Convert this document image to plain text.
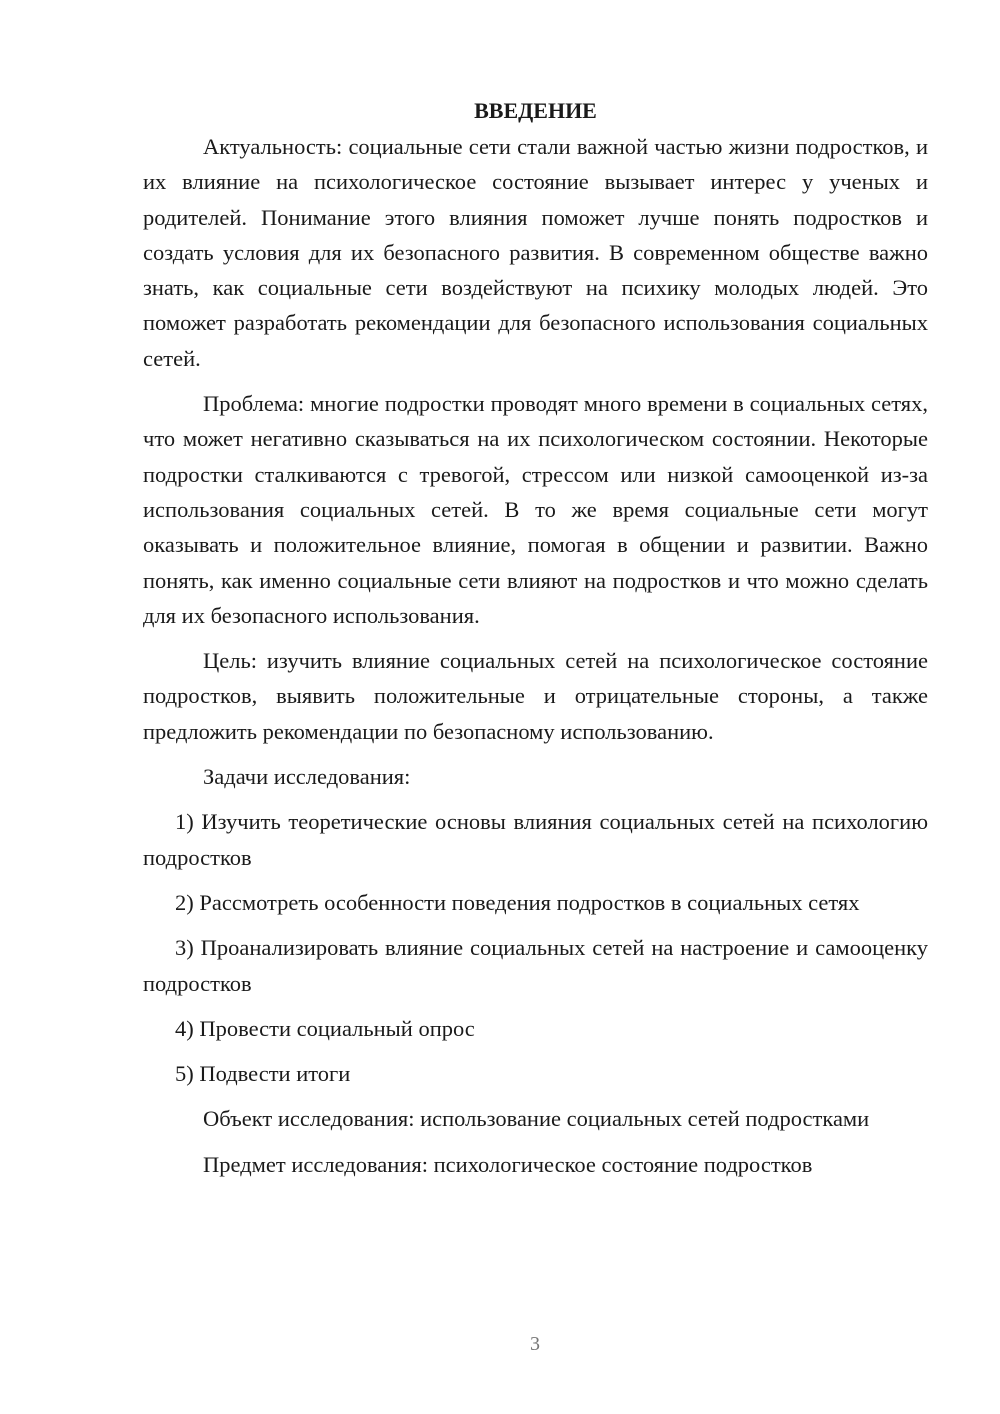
ВВЕДЕНИЕ

Актуальность: социальные сети стали важной частью жизни подростков, и их влияние на психологическое состояние вызывает интерес у ученых и родителей. Понимание этого влияния поможет лучше понять подростков и создать условия для их безопасного развития. В современном обществе важно знать, как социальные сети воздействуют на психику молодых людей. Это поможет разработать рекомендации для безопасного использования социальных сетей.

Проблема: многие подростки проводят много времени в социальных сетях, что может негативно сказываться на их психологическом состоянии. Некоторые подростки сталкиваются с тревогой, стрессом или низкой самооценкой из-за использования социальных сетей. В то же время социальные сети могут оказывать и положительное влияние, помогая в общении и развитии. Важно понять, как именно социальные сети влияют на подростков и что можно сделать для их безопасного использования.

Цель: изучить влияние социальных сетей на психологическое состояние подростков, выявить положительные и отрицательные стороны, а также предложить рекомендации по безопасному использованию.

Задачи исследования:

1) Изучить теоретические основы влияния социальных сетей на психологию подростков

2) Рассмотреть особенности поведения подростков в социальных сетях

3) Проанализировать влияние социальных сетей на настроение и самооценку подростков

4) Провести социальный опрос

5) Подвести итоги

Объект исследования: использование социальных сетей подростками

Предмет исследования: психологическое состояние подростков

3
